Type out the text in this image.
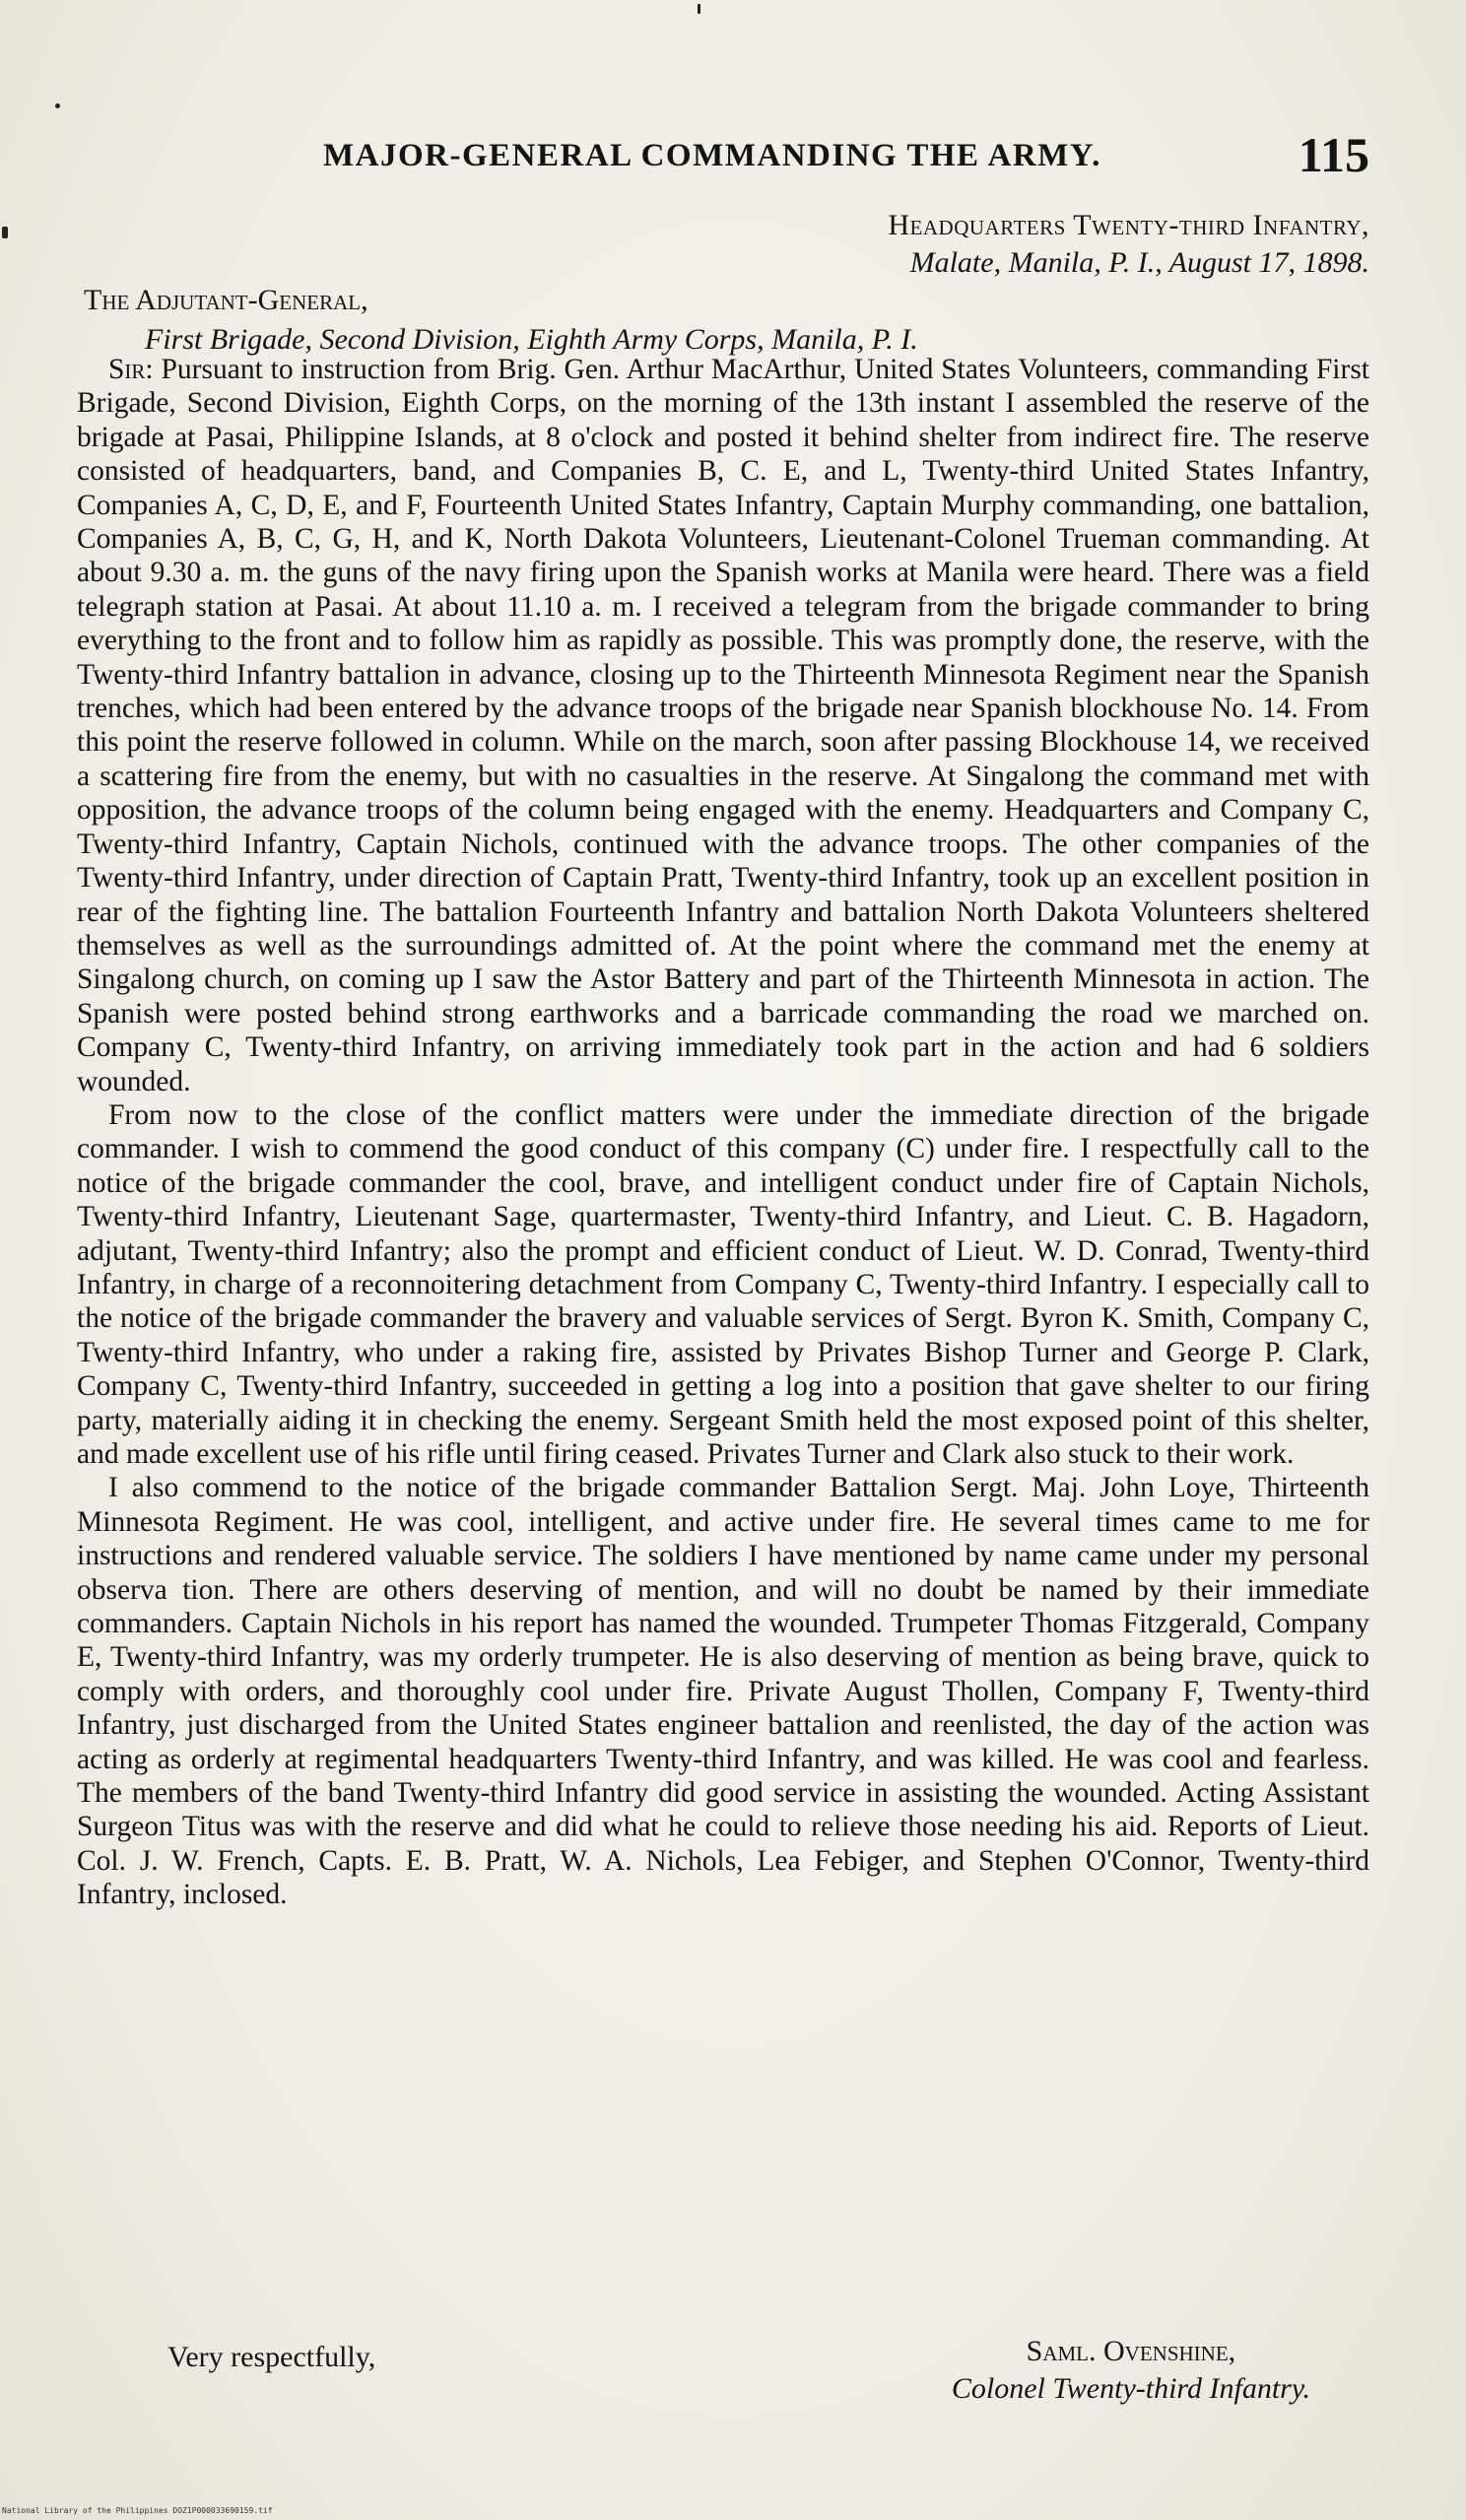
MAJOR-GENERAL COMMANDING THE ARMY.	115
Headquarters Twenty-third Infantry,
Malate, Manila, P. I., August 17, 1898.
The Adjutant-General,
First Brigade, Second Division, Eighth Army Corps, Manila, P. I.

Sir: Pursuant to instruction from Brig. Gen. Arthur MacArthur, United States Volunteers, commanding First Brigade, Second Division, Eighth Corps, on the morning of the 13th instant I assembled the reserve of the brigade at Pasai, Philippine Islands, at 8 o'clock and posted it behind shelter from indirect fire. The reserve consisted of headquarters, band, and Companies B, C. E, and L, Twenty-third United States Infantry, Companies A, C, D, E, and F, Fourteenth United States Infantry, Captain Murphy commanding, one battalion, Companies A, B, C, G, H, and K, North Dakota Volunteers, Lieutenant-Colonel Trueman commanding. At about 9.30 a. m. the guns of the navy firing upon the Spanish works at Manila were heard. There was a field telegraph station at Pasai. At about 11.10 a. m. I received a telegram from the brigade commander to bring everything to the front and to follow him as rapidly as possible. This was promptly done, the reserve, with the Twenty-third Infantry battalion in advance, closing up to the Thirteenth Minnesota Regiment near the Spanish trenches, which had been entered by the advance troops of the brigade near Spanish blockhouse No. 14. From this point the reserve followed in column. While on the march, soon after passing Blockhouse 14, we received a scattering fire from the enemy, but with no casualties in the reserve. At Singalong the command met with opposition, the advance troops of the column being engaged with the enemy. Headquarters and Company C, Twenty-third Infantry, Captain Nichols, continued with the advance troops. The other companies of the Twenty-third Infantry, under direction of Captain Pratt, Twenty-third Infantry, took up an excellent position in rear of the fighting line. The battalion Fourteenth Infantry and battalion North Dakota Volunteers sheltered themselves as well as the surroundings admitted of. At the point where the command met the enemy at Singalong church, on coming up I saw the Astor Battery and part of the Thirteenth Minnesota in action. The Spanish were posted behind strong earthworks and a barricade commanding the road we marched on. Company C, Twenty-third Infantry, on arriving immediately took part in the action and had 6 soldiers wounded.

From now to the close of the conflict matters were under the immediate direction of the brigade commander. I wish to commend the good conduct of this company (C) under fire. I respectfully call to the notice of the brigade commander the cool, brave, and intelligent conduct under fire of Captain Nichols, Twenty-third Infantry, Lieutenant Sage, quartermaster, Twenty-third Infantry, and Lieut. C. B. Hagadorn, adjutant, Twenty-third Infantry; also the prompt and efficient conduct of Lieut. W. D. Conrad, Twenty-third Infantry, in charge of a reconnoitering detachment from Company C, Twenty-third Infantry. I especially call to the notice of the brigade commander the bravery and valuable services of Sergt. Byron K. Smith, Company C, Twenty-third Infantry, who under a raking fire, assisted by Privates Bishop Turner and George P. Clark, Company C, Twenty-third Infantry, succeeded in getting a log into a position that gave shelter to our firing party, materially aiding it in checking the enemy. Sergeant Smith held the most exposed point of this shelter, and made excellent use of his rifle until firing ceased. Privates Turner and Clark also stuck to their work.

I also commend to the notice of the brigade commander Battalion Sergt. Maj. John Loye, Thirteenth Minnesota Regiment. He was cool, intelligent, and active under fire. He several times came to me for instructions and rendered valuable service. The soldiers I have mentioned by name came under my personal observa tion. There are others deserving of mention, and will no doubt be named by their immediate commanders. Captain Nichols in his report has named the wounded. Trumpeter Thomas Fitzgerald, Company E, Twenty-third Infantry, was my orderly trumpeter. He is also deserving of mention as being brave, quick to comply with orders, and thoroughly cool under fire. Private August Thollen, Company F, Twenty-third Infantry, just discharged from the United States engineer battalion and reenlisted, the day of the action was acting as orderly at regimental headquarters Twenty-third Infantry, and was killed. He was cool and fearless. The members of the band Twenty-third Infantry did good service in assisting the wounded. Acting Assistant Surgeon Titus was with the reserve and did what he could to relieve those needing his aid. Reports of Lieut. Col. J. W. French, Capts. E. B. Pratt, W. A. Nichols, Lea Febiger, and Stephen O'Connor, Twenty-third Infantry, inclosed.

Very respectfully,	Saml. Ovenshine,
Colonel Twenty-third Infantry.
National Library of the Philippines DOZ1P000033690159.tif
